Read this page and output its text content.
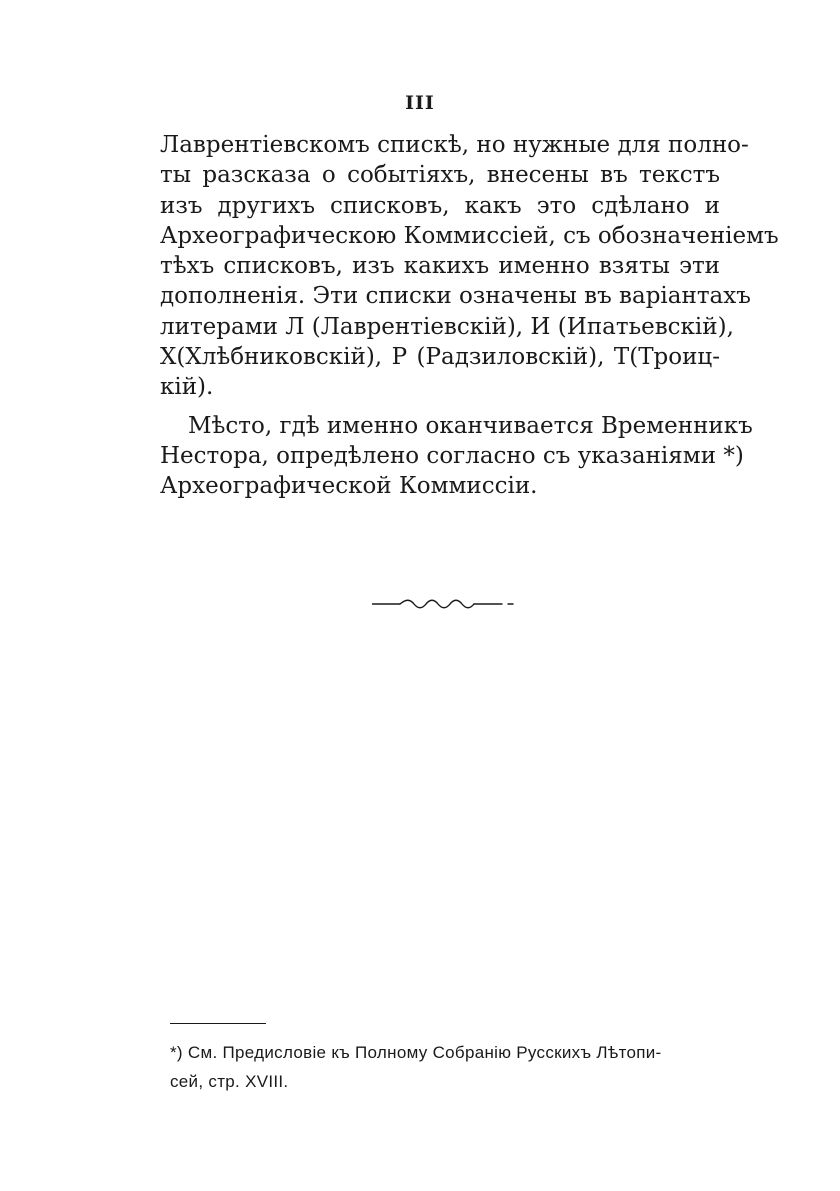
III
Лаврентіевскомъ спискѣ, но нужные для полно-
ты разсказа о событіяхъ, внесены въ текстъ
изъ другихъ списковъ, какъ это сдѣлано и
Археографическою Коммиссіей, съ обозначеніемъ
тѣхъ списковъ, изъ какихъ именно взяты эти
дополненія. Эти списки означены въ варіантахъ
литерами Л (Лаврентіевскій), И (Ипатьевскій),
Х(Хлѣбниковскій), Р (Радзиловскій), Т(Троиц-
кій).
Мѣсто, гдѣ именно оканчивается Временникъ
Нестора, опредѣлено согласно съ указаніями *)
Археографической Коммиссіи.
*) См. Предисловіе къ Полному Собранію Русскихъ Лѣтопи-
сей, стр. XVIII.
